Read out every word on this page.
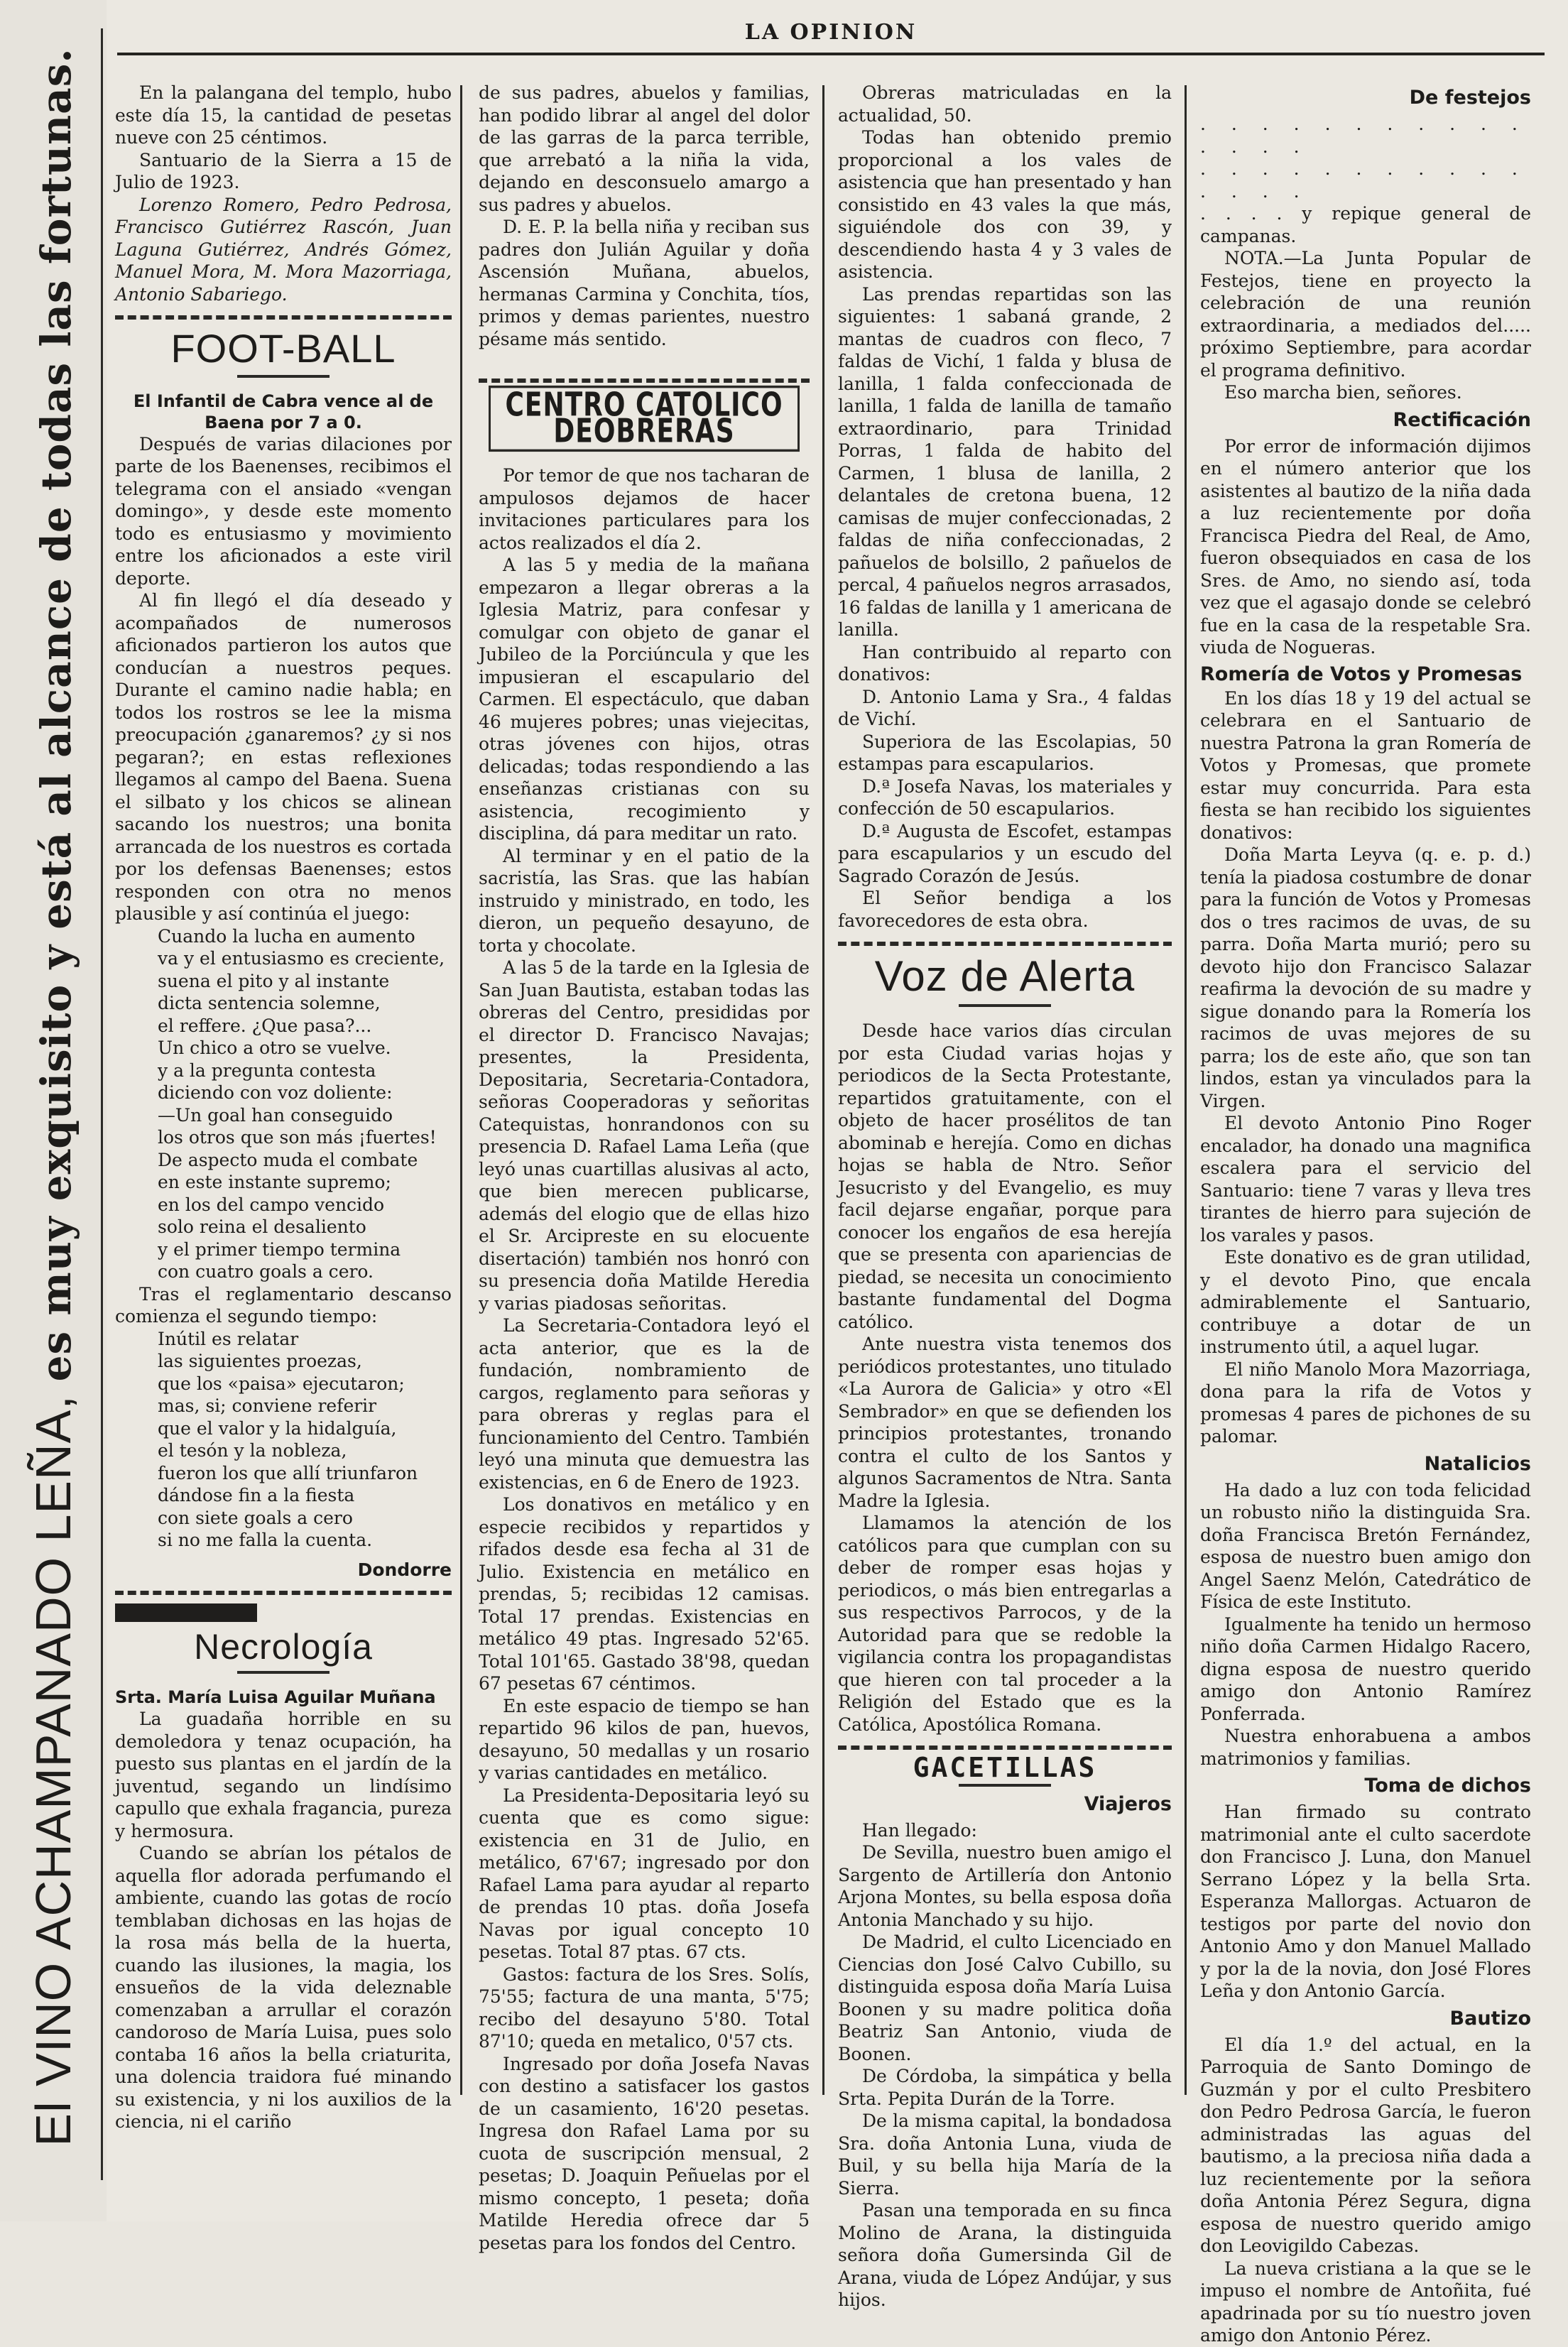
El VINO ACHAMPANADO LEÑA, es muy exquisito y está al alcance de todas las fortunas.
LA OPINION

En la palangana del templo, hubo este día 15, la cantidad de pesetas nueve con 25 céntimos.

Santuario de la Sierra a 15 de Julio de 1923.

Lorenzo Romero, Pedro Pedrosa, Francisco Gutiérrez Rascón, Juan Laguna Gutiérrez, Andrés Gómez, Manuel Mora, M. Mora Mazorriaga, Antonio Sabariego.

FOOT-BALL
El Infantil de Cabra vence al de Baena por 7 a 0.

Después de varias dilaciones por parte de los Baenenses, recibimos el telegrama con el ansiado «vengan domingo», y desde este momento todo es entusiasmo y movimiento entre los aficionados a este viril deporte.

Al fin llegó el día deseado y acompañados de numerosos aficionados partieron los autos que conducían a nuestros peques. Durante el camino nadie habla; en todos los rostros se lee la misma preocupación ¿ganaremos? ¿y si nos pegaran?; en estas reflexiones llegamos al campo del Baena. Suena el silbato y los chicos se alinean sacando los nuestros; una bonita arrancada de los nuestros es cortada por los defensas Baenenses; estos responden con otra no menos plausible y así continúa el juego:

Cuando la lucha en aumento
va y el entusiasmo es creciente,
suena el pito y al instante
dicta sentencia solemne,
el reffere. ¿Que pasa?...
Un chico a otro se vuelve.
y a la pregunta contesta
diciendo con voz doliente:
—Un goal han conseguido
los otros que son más ¡fuertes!
De aspecto muda el combate
en este instante supremo;
en los del campo vencido
solo reina el desaliento
y el primer tiempo termina
con cuatro goals a cero.

Tras el reglamentario descanso comienza el segundo tiempo:

Inútil es relatar
las siguientes proezas,
que los «paisa» ejecutaron;
mas, si; conviene referir
que el valor y la hidalguía,
el tesón y la nobleza,
fueron los que allí triunfaron
dándose fin a la fiesta
con siete goals a cero
si no me falla la cuenta.
Dondorre
Necrología
Srta. María Luisa Aguilar Muñana

La guadaña horrible en su demoledora y tenaz ocupación, ha puesto sus plantas en el jardín de la juventud, segando un lindísimo capullo que exhala fragancia, pureza y hermosura.

Cuando se abrían los pétalos de aquella flor adorada perfumando el ambiente, cuando las gotas de rocío temblaban dichosas en las hojas de la rosa más bella de la huerta, cuando las ilusiones, la magia, los ensueños de la vida deleznable comenzaban a arrullar el corazón candoroso de María Luisa, pues solo contaba 16 años la bella criaturita, una dolencia traidora fué minando su existencia, y ni los auxilios de la ciencia, ni el cariño

de sus padres, abuelos y familias, han podido librar al angel del dolor de las garras de la parca terrible, que arrebató a la niña la vida, dejando en desconsuelo amargo a sus padres y abuelos.

D. E. P. la bella niña y reciban sus padres don Julián Aguilar y doña Ascensión Muñana, abuelos, hermanas Carmina y Conchita, tíos, primos y demas parientes, nuestro pésame más sentido.

CENTRO CATOLICO DEOBRERAS

Por temor de que nos tacharan de ampulosos dejamos de hacer invitaciones particulares para los actos realizados el día 2.

A las 5 y media de la mañana empezaron a llegar obreras a la Iglesia Matriz, para confesar y comulgar con objeto de ganar el Jubileo de la Porciúncula y que les impusieran el escapulario del Carmen. El espectáculo, que daban 46 mujeres pobres; unas viejecitas, otras jóvenes con hijos, otras delicadas; todas respondiendo a las enseñanzas cristianas con su asistencia, recogimiento y disciplina, dá para meditar un rato.

Al terminar y en el patio de la sacristía, las Sras. que las habían instruido y ministrado, en todo, les dieron, un pequeño desayuno, de torta y chocolate.

A las 5 de la tarde en la Iglesia de San Juan Bautista, estaban todas las obreras del Centro, presididas por el director D. Francisco Navajas; presentes, la Presidenta, Depositaria, Secretaria-Contadora, señoras Cooperadoras y señoritas Catequistas, honrandonos con su presencia D. Rafael Lama Leña (que leyó unas cuartillas alusivas al acto, que bien merecen publicarse, además del elogio que de ellas hizo el Sr. Arcipreste en su elocuente disertación) también nos honró con su presencia doña Matilde Heredia y varias piadosas señoritas.

La Secretaria-Contadora leyó el acta anterior, que es la de fundación, nombramiento de cargos, reglamento para señoras y para obreras y reglas para el funcionamiento del Centro. También leyó una minuta que demuestra las existencias, en 6 de Enero de 1923.

Los donativos en metálico y en especie recibidos y repartidos y rifados desde esa fecha al 31 de Julio. Existencia en metálico en prendas, 5; recibidas 12 camisas. Total 17 prendas. Existencias en metálico 49 ptas. Ingresado 52'65. Total 101'65. Gastado 38'98, quedan 67 pesetas 67 céntimos.

En este espacio de tiempo se han repartido 96 kilos de pan, huevos, desayuno, 50 medallas y un rosario y varias cantidades en metálico.

La Presidenta-Depositaria leyó su cuenta que es como sigue: existencia en 31 de Julio, en metálico, 67'67; ingresado por don Rafael Lama para ayudar al reparto de prendas 10 ptas. doña Josefa Navas por igual concepto 10 pesetas. Total 87 ptas. 67 cts.

Gastos: factura de los Sres. Solís, 75'55; factura de una manta, 5'75; recibo del desayuno 5'80. Total 87'10; queda en metalico, 0'57 cts.

Ingresado por doña Josefa Navas con destino a satisfacer los gastos de un casamiento, 16'20 pesetas. Ingresa don Rafael Lama por su cuota de suscripción mensual, 2 pesetas; D. Joaquin Peñuelas por el mismo concepto, 1 peseta; doña Matilde Heredia ofrece dar 5 pesetas para los fondos del Centro.

Obreras matriculadas en la actualidad, 50.

Todas han obtenido premio proporcional a los vales de asistencia que han presentado y han consistido en 43 vales la que más, siguiéndole dos con 39, y descendiendo hasta 4 y 3 vales de asistencia.

Las prendas repartidas son las siguientes: 1 sabaná grande, 2 mantas de cuadros con fleco, 7 faldas de Vichí, 1 falda y blusa de lanilla, 1 falda confeccionada de lanilla, 1 falda de lanilla de tamaño extraordinario, para Trinidad Porras, 1 falda de habito del Carmen, 1 blusa de lanilla, 2 delantales de cretona buena, 12 camisas de mujer confeccionadas, 2 faldas de niña confeccionadas, 2 pañuelos de bolsillo, 2 pañuelos de percal, 4 pañuelos negros arrasados, 16 faldas de lanilla y 1 americana de lanilla.

Han contribuido al reparto con donativos:

D. Antonio Lama y Sra., 4 faldas de Vichí.

Superiora de las Escolapias, 50 estampas para escapularios.

D.ª Josefa Navas, los materiales y confección de 50 escapularios.

D.ª Augusta de Escofet, estampas para escapularios y un escudo del Sagrado Corazón de Jesús.

El Señor bendiga a los favorecedores de esta obra.

Voz de Alerta

Desde hace varios días circulan por esta Ciudad varias hojas y periodicos de la Secta Protestante, repartidos gratuitamente, con el objeto de hacer prosélitos de tan abominab e herejía. Como en dichas hojas se habla de Ntro. Señor Jesucristo y del Evangelio, es muy facil dejarse engañar, porque para conocer los engaños de esa herejía que se presenta con apariencias de piedad, se necesita un conocimiento bastante fundamental del Dogma católico.

Ante nuestra vista tenemos dos periódicos protestantes, uno titulado «La Aurora de Galicia» y otro «El Sembrador» en que se defienden los principios protestantes, tronando contra el culto de los Santos y algunos Sacramentos de Ntra. Santa Madre la Iglesia.

Llamamos la atención de los católicos para que cumplan con su deber de romper esas hojas y periodicos, o más bien entregarlas a sus respectivos Parrocos, y de la Autoridad para que se redoble la vigilancia contra los propagandistas que hieren con tal proceder a la Religión del Estado que es la Católica, Apostólica Romana.

GACETILLAS
Viajeros

Han llegado:

De Sevilla, nuestro buen amigo el Sargento de Artillería don Antonio Arjona Montes, su bella esposa doña Antonia Manchado y su hijo.

De Madrid, el culto Licenciado en Ciencias don José Calvo Cubillo, su distinguida esposa doña María Luisa Boonen y su madre politica doña Beatriz San Antonio, viuda de Boonen.

De Córdoba, la simpática y bella Srta. Pepita Durán de la Torre.

De la misma capital, la bondadosa Sra. doña Antonia Luna, viuda de Buil, y su bella hija María de la Sierra.

Pasan una temporada en su finca Molino de Arana, la distinguida señora doña Gumersinda Gil de Arana, viuda de López Andújar, y sus hijos.

De festejos

. . . . . . . . . . . . . . .

. . . . . . . . . . . . . . .

. . . . y repique general de campanas.

NOTA.—La Junta Popular de Festejos, tiene en proyecto la celebración de una reunión extraordinaria, a mediados del..... próximo Septiembre, para acordar el programa definitivo.

Eso marcha bien, señores.

Rectificación

Por error de información dijimos en el número anterior que los asistentes al bautizo de la niña dada a luz recientemente por doña Francisca Piedra del Real, de Amo, fueron obsequiados en casa de los Sres. de Amo, no siendo así, toda vez que el agasajo donde se celebró fue en la casa de la respetable Sra. viuda de Nogueras.

Romería de Votos y Promesas

En los días 18 y 19 del actual se celebrara en el Santuario de nuestra Patrona la gran Romería de Votos y Promesas, que promete estar muy concurrida. Para esta fiesta se han recibido los siguientes donativos:

Doña Marta Leyva (q. e. p. d.) tenía la piadosa costumbre de donar para la función de Votos y Promesas dos o tres racimos de uvas, de su parra. Doña Marta murió; pero su devoto hijo don Francisco Salazar reafirma la devoción de su madre y sigue donando para la Romería los racimos de uvas mejores de su parra; los de este año, que son tan lindos, estan ya vinculados para la Virgen.

El devoto Antonio Pino Roger encalador, ha donado una magnifica escalera para el servicio del Santuario: tiene 7 varas y lleva tres tirantes de hierro para sujeción de los varales y pasos.

Este donativo es de gran utilidad, y el devoto Pino, que encala admirablemente el Santuario, contribuye a dotar de un instrumento útil, a aquel lugar.

El niño Manolo Mora Mazorriaga, dona para la rifa de Votos y promesas 4 pares de pichones de su palomar.

Natalicios

Ha dado a luz con toda felicidad un robusto niño la distinguida Sra. doña Francisca Bretón Fernández, esposa de nuestro buen amigo don Angel Saenz Melón, Catedrático de Física de este Instituto.

Igualmente ha tenido un hermoso niño doña Carmen Hidalgo Racero, digna esposa de nuestro querido amigo don Antonio Ramírez Ponferrada.

Nuestra enhorabuena a ambos matrimonios y familias.

Toma de dichos

Han firmado su contrato matrimonial ante el culto sacerdote don Francisco J. Luna, don Manuel Serrano López y la bella Srta. Esperanza Mallorgas. Actuaron de testigos por parte del novio don Antonio Amo y don Manuel Mallado y por la de la novia, don José Flores Leña y don Antonio García.

Bautizo

El día 1.º del actual, en la Parroquia de Santo Domingo de Guzmán y por el culto Presbitero don Pedro Pedrosa García, le fueron administradas las aguas del bautismo, a la preciosa niña dada a luz recientemente por la señora doña Antonia Pérez Segura, digna esposa de nuestro querido amigo don Leovigildo Cabezas.

La nueva cristiana a la que se le impuso el nombre de Antoñita, fué apadrinada por su tío nuestro joven amigo don Antonio Pérez.
